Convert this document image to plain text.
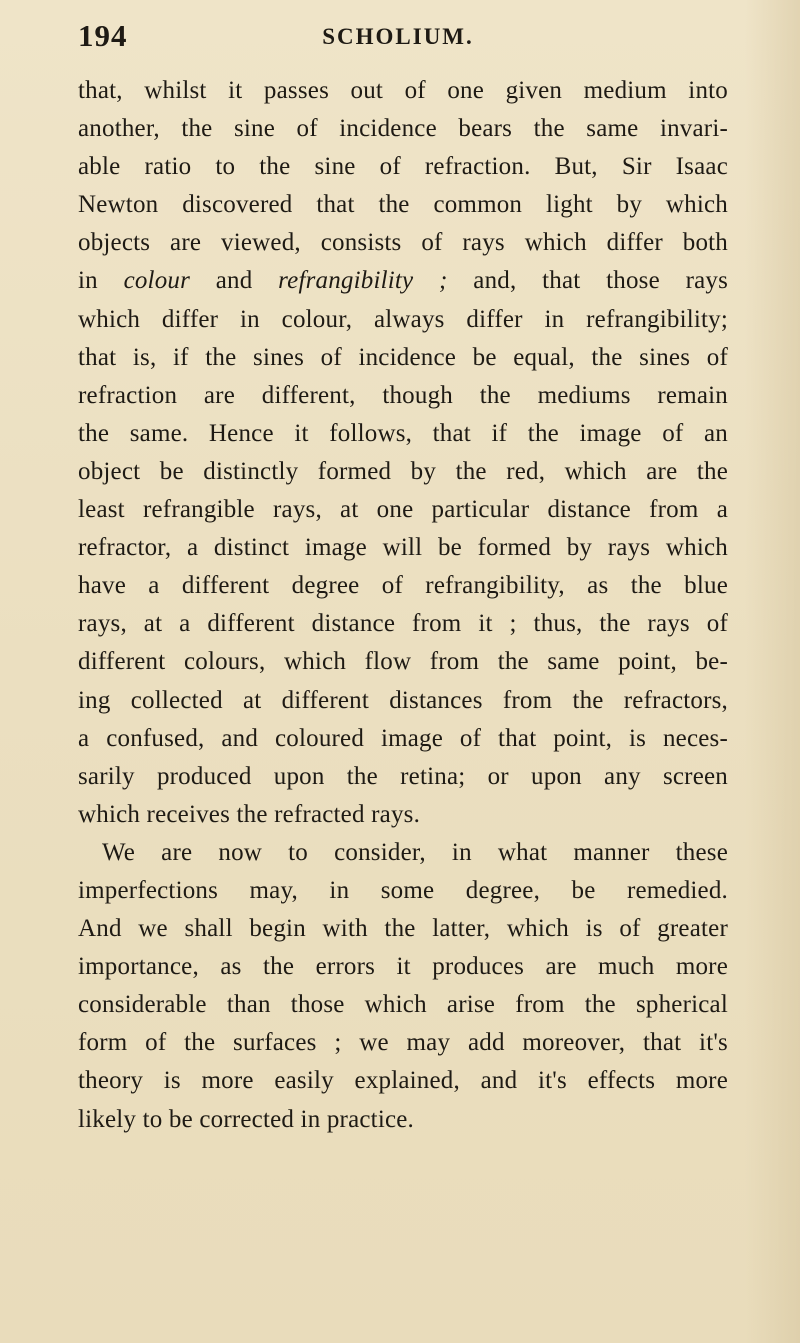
194	SCHOLIUM.
that, whilst it passes out of one given medium into
another, the sine of incidence bears the same invari-
able ratio to the sine of refraction. But, Sir Isaac
Newton discovered that the common light by which
objects are viewed, consists of rays which differ both
in colour and refrangibility ; and, that those rays
which differ in colour, always differ in refrangibility;
that is, if the sines of incidence be equal, the sines of
refraction are different, though the mediums remain
the same. Hence it follows, that if the image of an
object be distinctly formed by the red, which are the
least refrangible rays, at one particular distance from a
refractor, a distinct image will be formed by rays which
have a different degree of refrangibility, as the blue
rays, at a different distance from it ; thus, the rays of
different colours, which flow from the same point, be-
ing collected at different distances from the refractors,
a confused, and coloured image of that point, is neces-
sarily produced upon the retina; or upon any screen
which receives the refracted rays.
We are now to consider, in what manner these
imperfections may, in some degree, be remedied.
And we shall begin with the latter, which is of greater
importance, as the errors it produces are much more
considerable than those which arise from the spherical
form of the surfaces ; we may add moreover, that it's
theory is more easily explained, and it's effects more
likely to be corrected in practice.
